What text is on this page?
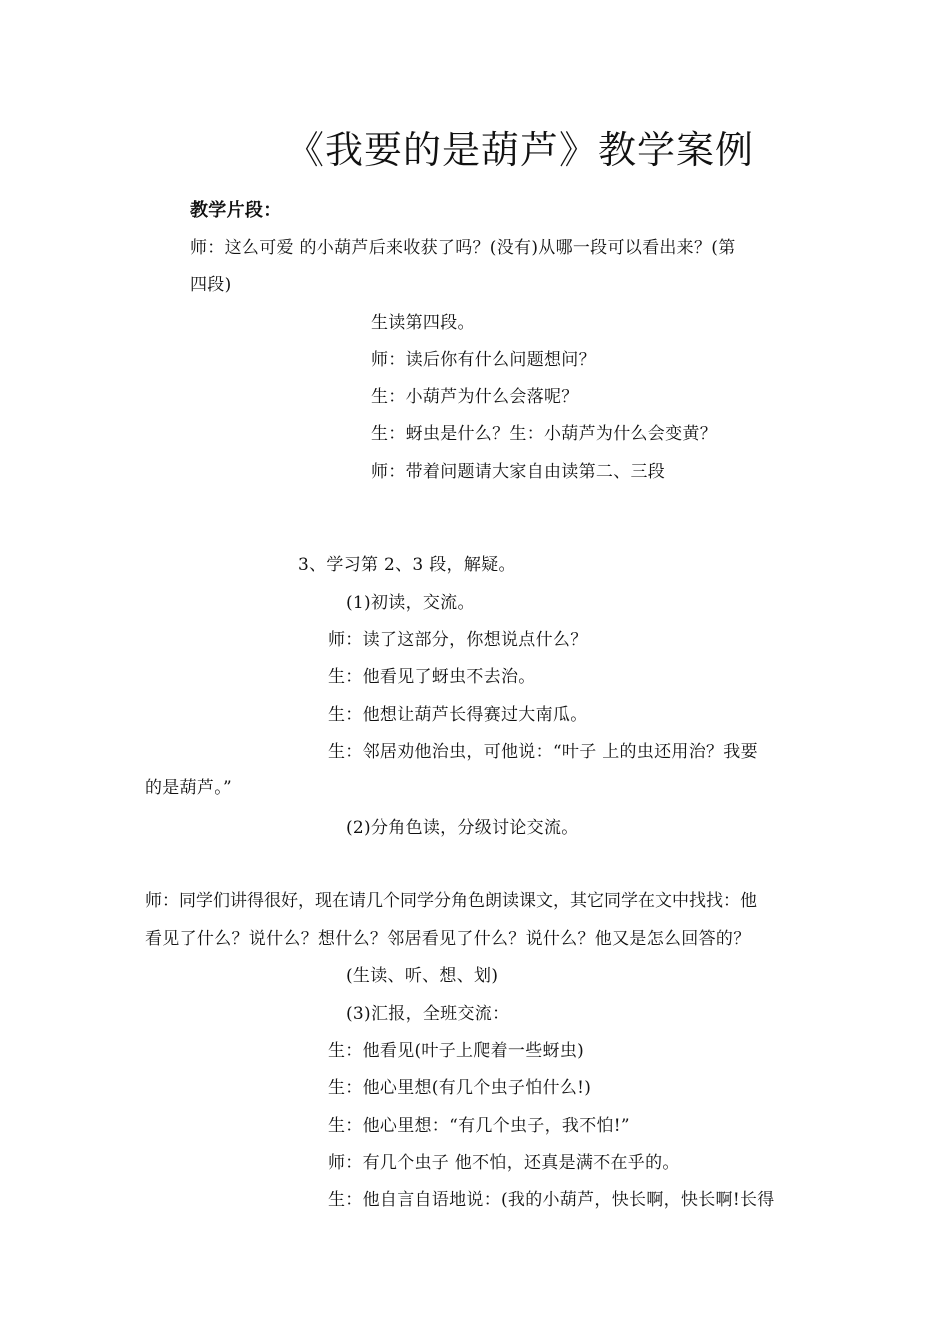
《我要的是葫芦》教学案例
教学片段：
师：这么可爱 的小葫芦后来收获了吗？(没有)从哪一段可以看出来？(第
四段)
生读第四段。
师：读后你有什么问题想问？
生：小葫芦为什么会落呢？
生：蚜虫是什么？生：小葫芦为什么会变黄？
师：带着问题请大家自由读第二、三段
3、学习第 2、3 段，解疑。
(1)初读，交流。
师：读了这部分，你想说点什么？
生：他看见了蚜虫不去治。
生：他想让葫芦长得赛过大南瓜。
生：邻居劝他治虫，可他说：“叶子 上的虫还用治？我要
的是葫芦。”
(2)分角色读，分级讨论交流。
师：同学们讲得很好，现在请几个同学分角色朗读课文，其它同学在文中找找：他
看见了什么？说什么？想什么？邻居看见了什么？说什么？他又是怎么回答的？
(生读、听、想、划)
(3)汇报，全班交流：
生：他看见(叶子上爬着一些蚜虫)
生：他心里想(有几个虫子怕什么!)
生：他心里想：“有几个虫子，我不怕!”
师：有几个虫子 他不怕，还真是满不在乎的。
生：他自言自语地说：(我的小葫芦，快长啊，快长啊!长得
